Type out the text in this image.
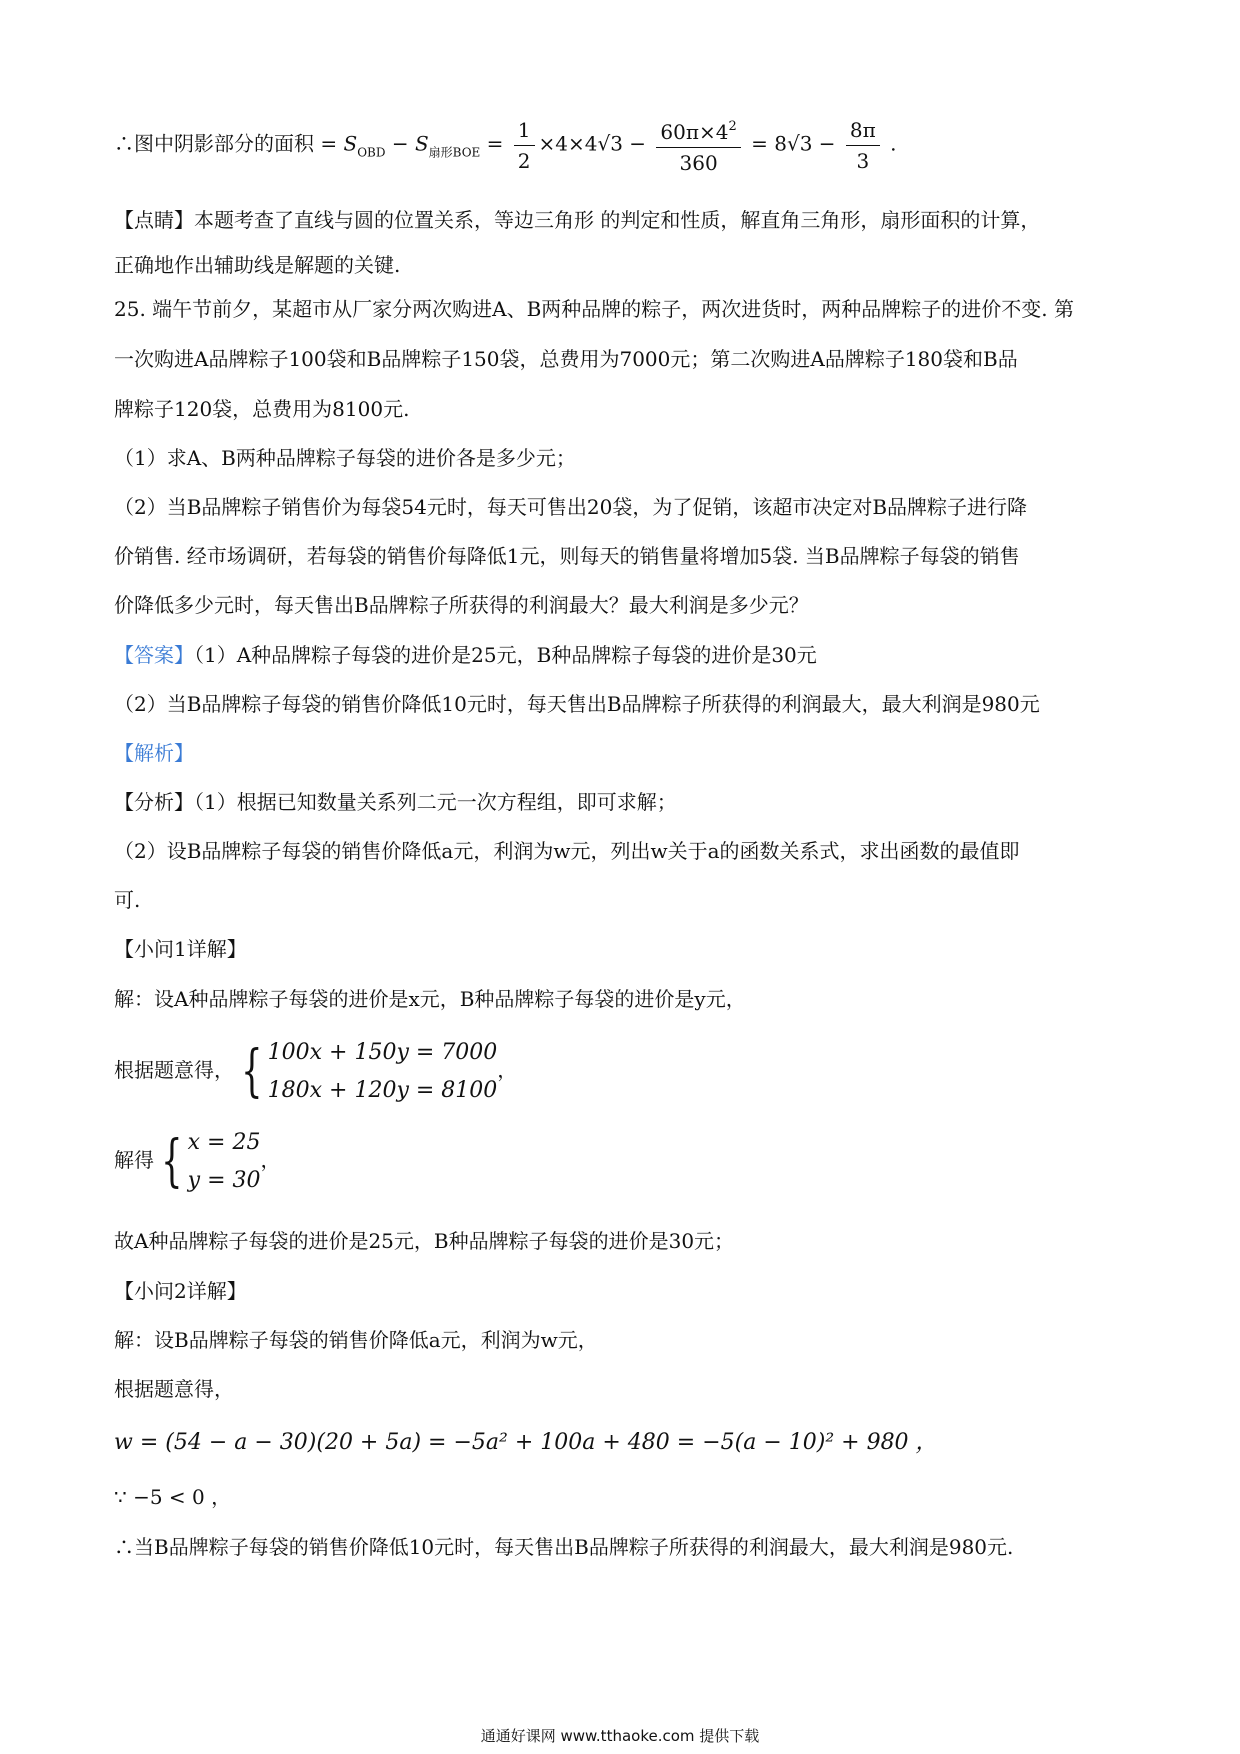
∴图中阴影部分的面积 = $S_{OBD} - S_{扇形BOE} = \frac{1}{2} \times 4\times 4√3 - \frac{60\pi\times 4^2}{360} = 8√3 - \frac{8\pi}{3}$ .
【点睛】本题考查了直线与圆的位置关系，等边三角形 的判定和性质，解直角三角形，扇形面积的计算，
正确地作出辅助线是解题的关键.
25. 端午节前夕，某超市从厂家分两次购进A、B两种品牌的粽子，两次进货时，两种品牌粽子的进价不变. 第
一次购进A品牌粽子100袋和B品牌粽子150袋，总费用为7000元；第二次购进A品牌粽子180袋和B品
牌粽子120袋，总费用为8100元.
（1）求A、B两种品牌粽子每袋的进价各是多少元；
（2）当B品牌粽子销售价为每袋54元时，每天可售出20袋，为了促销，该超市决定对B品牌粽子进行降
价销售. 经市场调研，若每袋的销售价每降低1元，则每天的销售量将增加5袋. 当B品牌粽子每袋的销售
价降低多少元时，每天售出B品牌粽子所获得的利润最大？最大利润是多少元？
【答案】（1）A种品牌粽子每袋的进价是25元，B种品牌粽子每袋的进价是30元
（2）当B品牌粽子每袋的销售价降低10元时，每天售出B品牌粽子所获得的利润最大，最大利润是980元
【解析】
【分析】（1）根据已知数量关系列二元一次方程组，即可求解；
（2）设B品牌粽子每袋的销售价降低a元，利润为w元，列出w关于a的函数关系式，求出函数的最值即
可.
【小问1详解】
解：设A种品牌粽子每袋的进价是x元，B种品牌粽子每袋的进价是y元，
根据题意得， { 100x + 150y = 7000
180x + 120y = 8100
，
解得 { x = 25
y = 30
，
故A种品牌粽子每袋的进价是25元，B种品牌粽子每袋的进价是30元；
【小问2详解】
解：设B品牌粽子每袋的销售价降低a元，利润为w元，
根据题意得，
w = (54 − a − 30)(20 + 5a) = −5a² + 100a + 480 = −5(a − 10)² + 980 ，
∵ −5 < 0 ，
∴当B品牌粽子每袋的销售价降低10元时，每天售出B品牌粽子所获得的利润最大，最大利润是980元.
通通好课网 www.tthaoke.com 提供下载
